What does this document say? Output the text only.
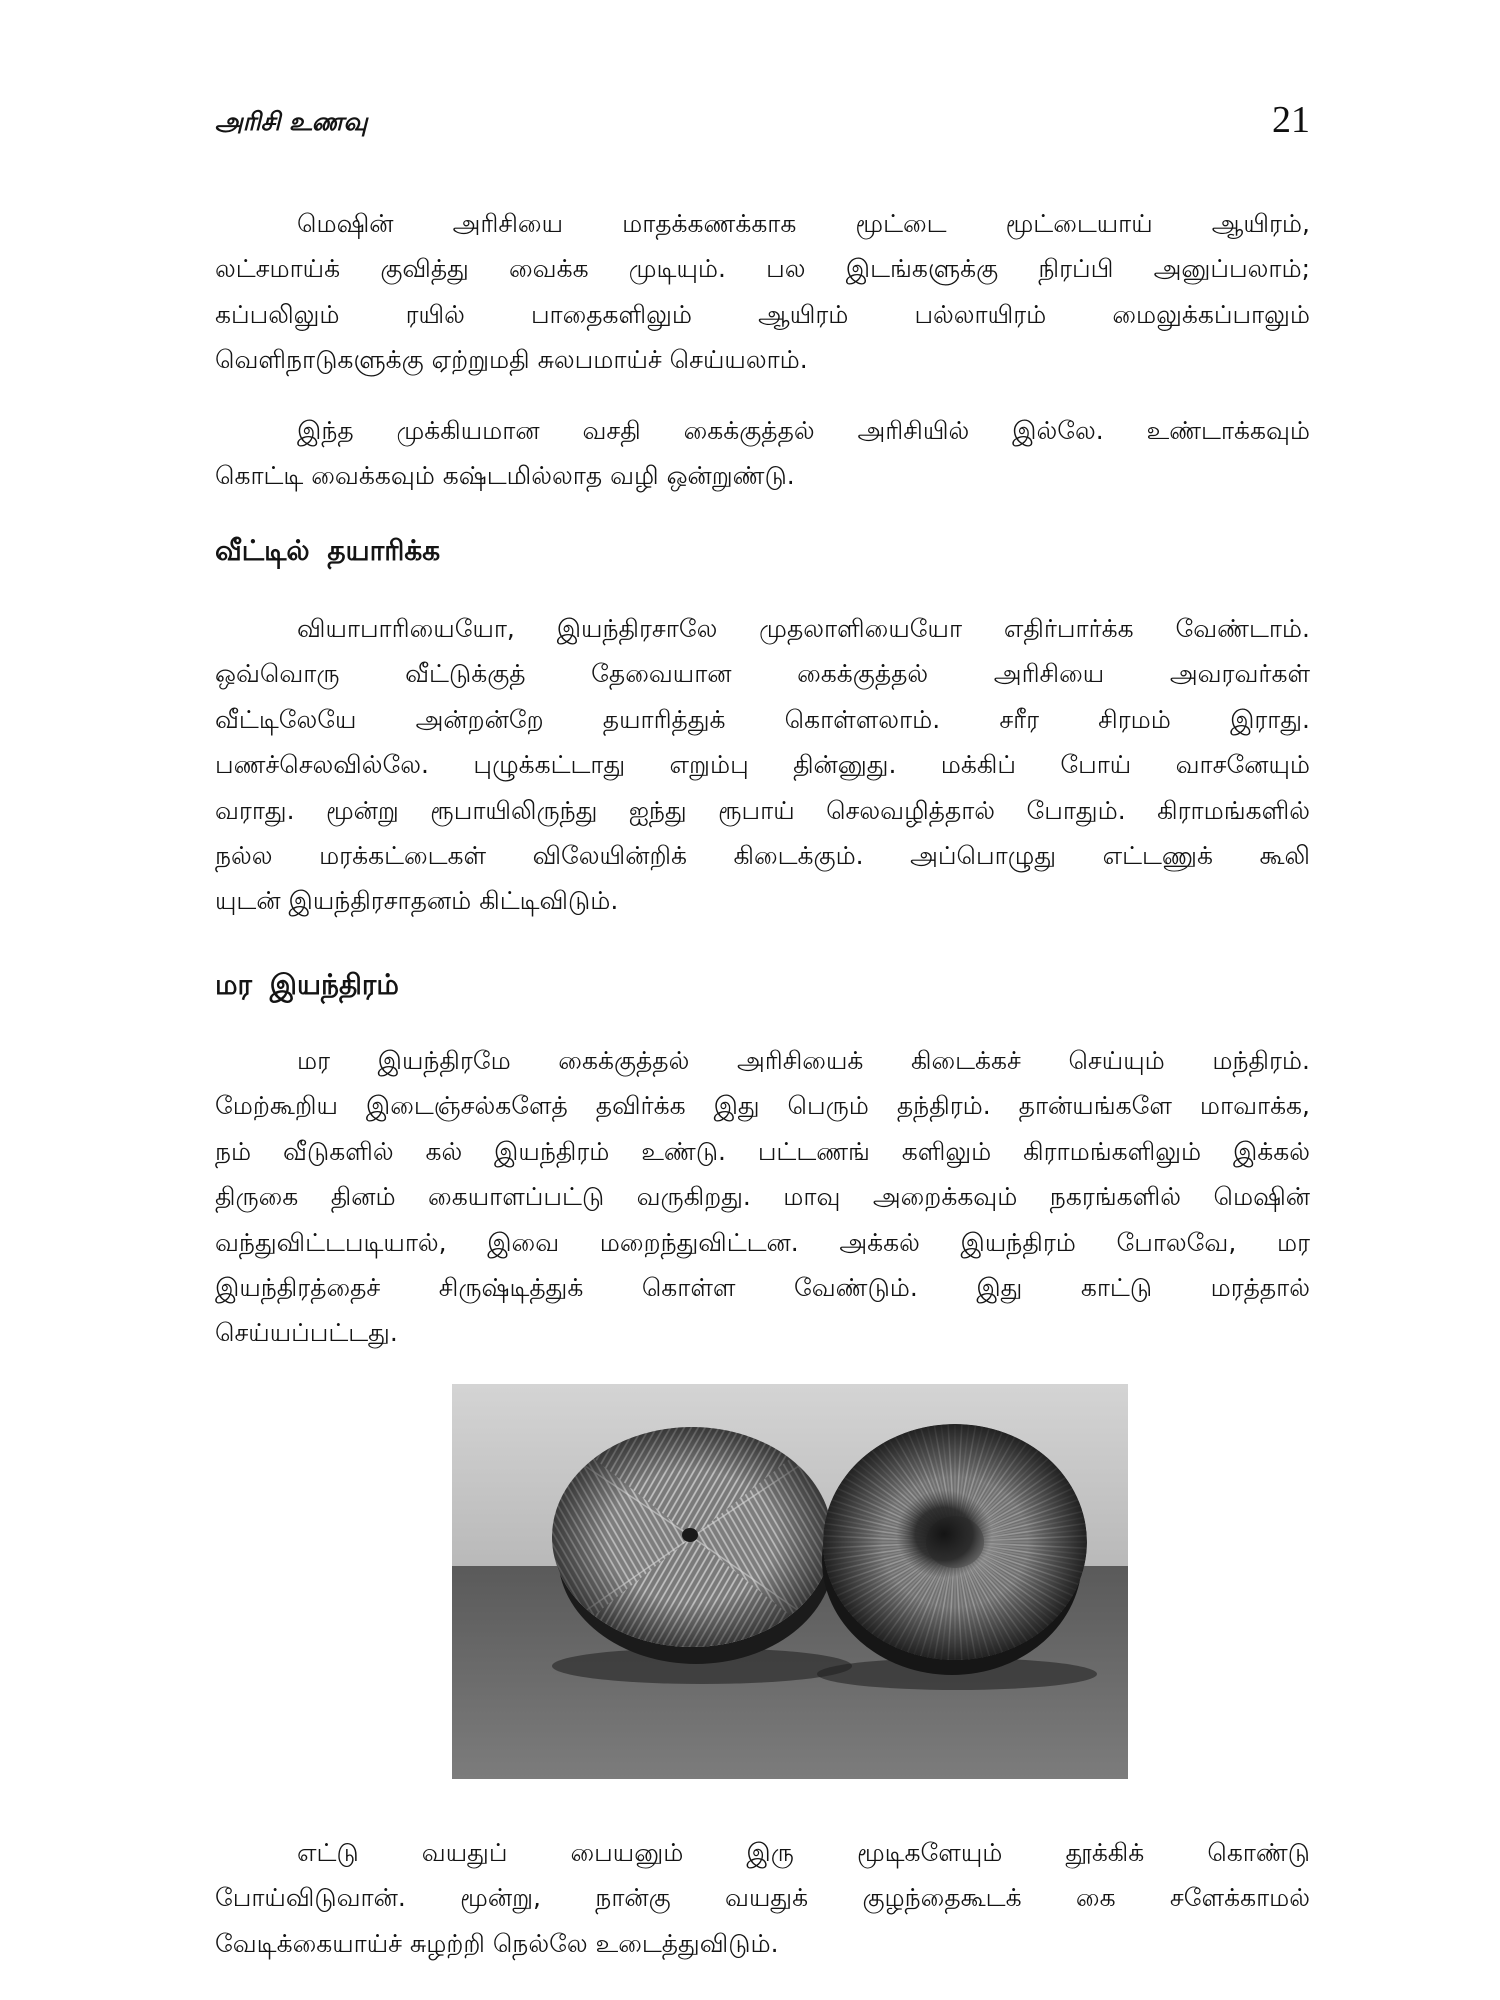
அரிசி உணவு	21
மெஷின் அரிசியை மாதக்கணக்காக மூட்டை மூட்டையாய் ஆயிரம்,
லட்சமாய்க் குவித்து வைக்க முடியும். பல இடங்களுக்கு நிரப்பி அனுப்பலாம்;
கப்பலிலும் ரயில் பாதைகளிலும் ஆயிரம் பல்லாயிரம் மைலுக்கப்பாலும்
வெளிநாடுகளுக்கு ஏற்றுமதி சுலபமாய்ச் செய்யலாம்.
இந்த முக்கியமான வசதி கைக்குத்தல் அரிசியில் இல்லே. உண்டாக்கவும்
கொட்டி வைக்கவும் கஷ்டமில்லாத வழி ஒன்றுண்டு.
வீட்டில் தயாரிக்க
வியாபாரியையோ, இயந்திரசாலே முதலாளியையோ எதிர்பார்க்க வேண்டாம்.
ஒவ்வொரு வீட்டுக்குத் தேவையான கைக்குத்தல் அரிசியை அவரவர்கள்
வீட்டிலேயே அன்றன்றே தயாரித்துக் கொள்ளலாம். சரீர சிரமம் இராது.
பணச்செலவில்லே. புழுக்கட்டாது எறும்பு தின்னுது. மக்கிப் போய் வாசனேயும்
வராது. மூன்று ரூபாயிலிருந்து ஐந்து ரூபாய் செலவழித்தால் போதும். கிராமங்களில்
நல்ல மரக்கட்டைகள் விலேயின்றிக் கிடைக்கும். அப்பொழுது எட்டணுக் கூலி
யுடன் இயந்திரசாதனம் கிட்டிவிடும்.
மர இயந்திரம்
மர இயந்திரமே கைக்குத்தல் அரிசியைக் கிடைக்கச் செய்யும் மந்திரம்.
மேற்கூறிய இடைஞ்சல்களேத் தவிர்க்க இது பெரும் தந்திரம். தான்யங்களே மாவாக்க,
நம் வீடுகளில் கல் இயந்திரம் உண்டு. பட்டணங் களிலும் கிராமங்களிலும் இக்கல்
திருகை தினம் கையாளப்பட்டு வருகிறது. மாவு அறைக்கவும் நகரங்களில் மெஷின்
வந்துவிட்டபடியால், இவை மறைந்துவிட்டன. அக்கல் இயந்திரம் போலவே, மர
இயந்திரத்தைச் சிருஷ்டித்துக் கொள்ள வேண்டும். இது காட்டு மரத்தால்
செய்யப்பட்டது.
எட்டு வயதுப் பையனும் இரு மூடிகளேயும் தூக்கிக் கொண்டு
போய்விடுவான். மூன்று, நான்கு வயதுக் குழந்தைகூடக் கை சளேக்காமல்
வேடிக்கையாய்ச் சுழற்றி நெல்லே உடைத்துவிடும்.
